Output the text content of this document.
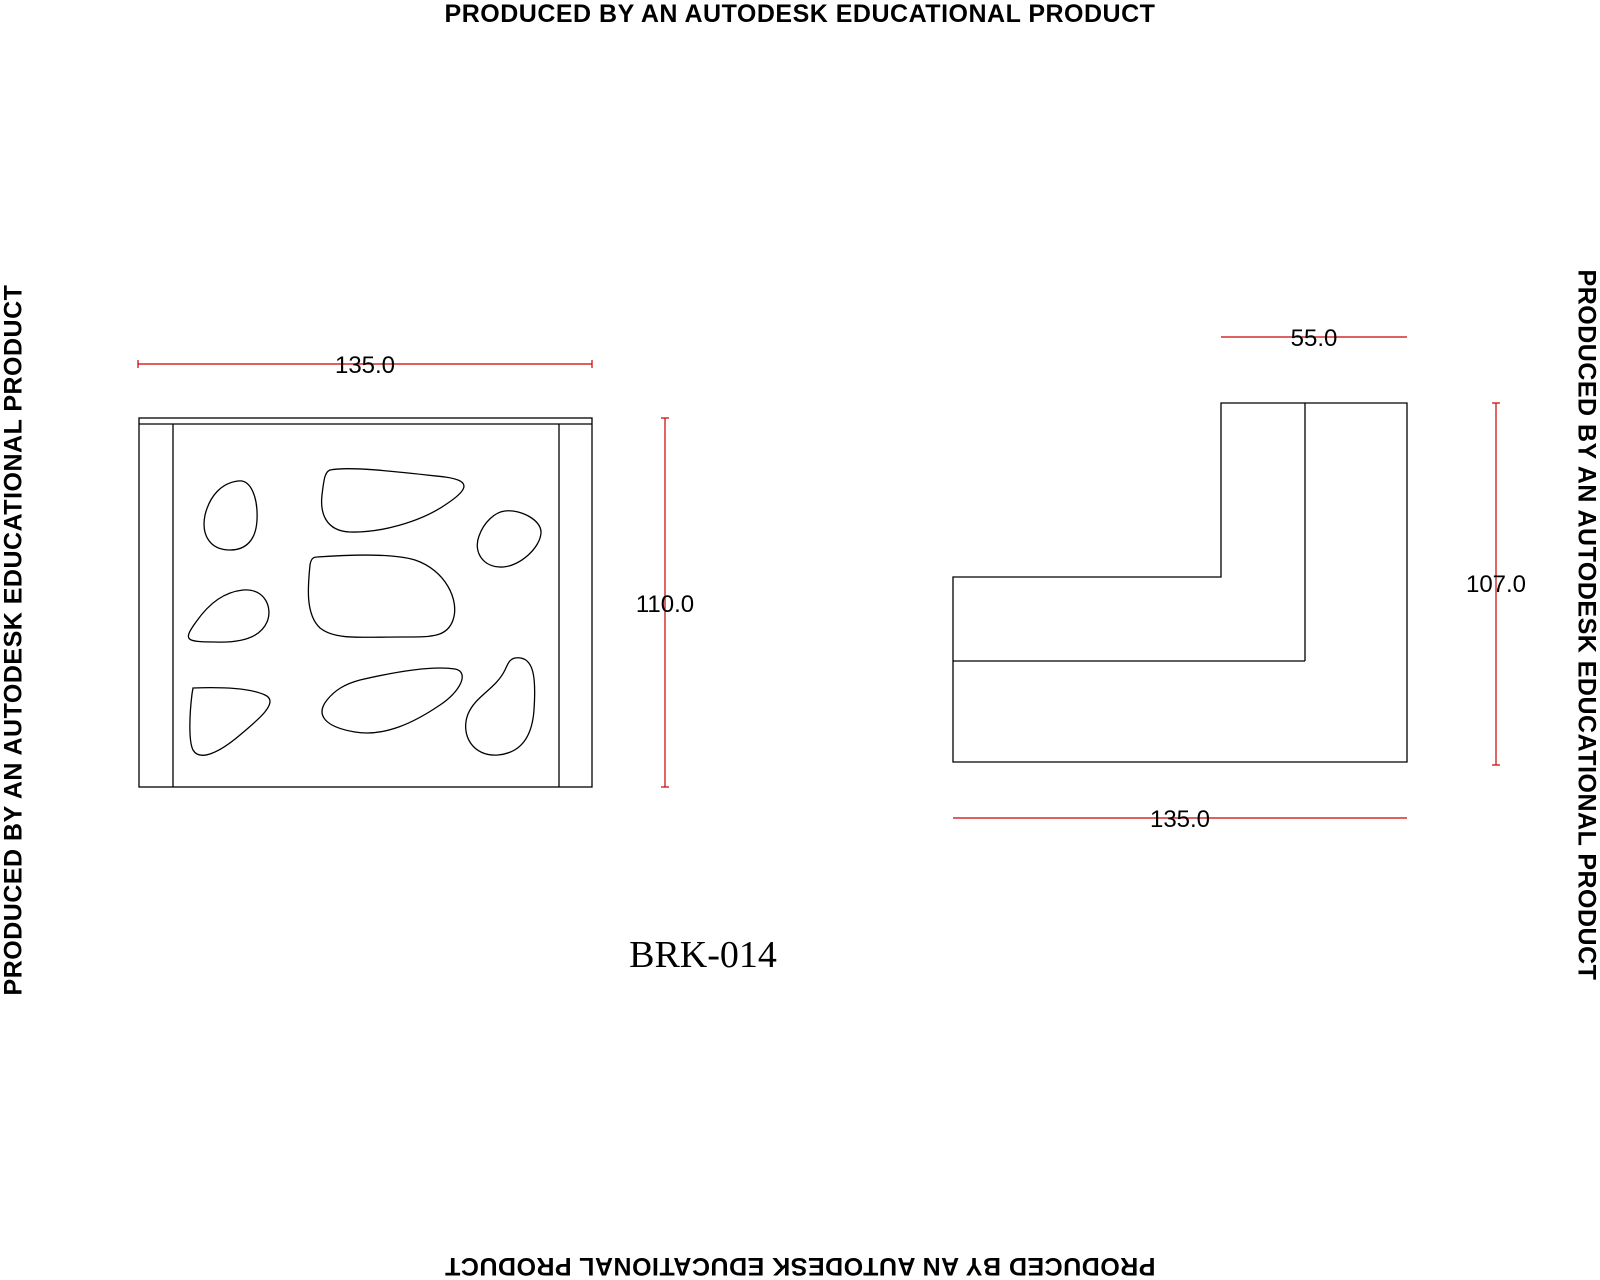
PRODUCED BY AN AUTODESK EDUCATIONAL PRODUCT
PRODUCED BY AN AUTODESK EDUCATIONAL PRODUCT
PRODUCED BY AN AUTODESK EDUCATIONAL PRODUCT	PRODUCED BY AN AUTODESK EDUCATIONAL PRODUCT
135.0
110.0
55.0
107.0
135.0
BRK-014
